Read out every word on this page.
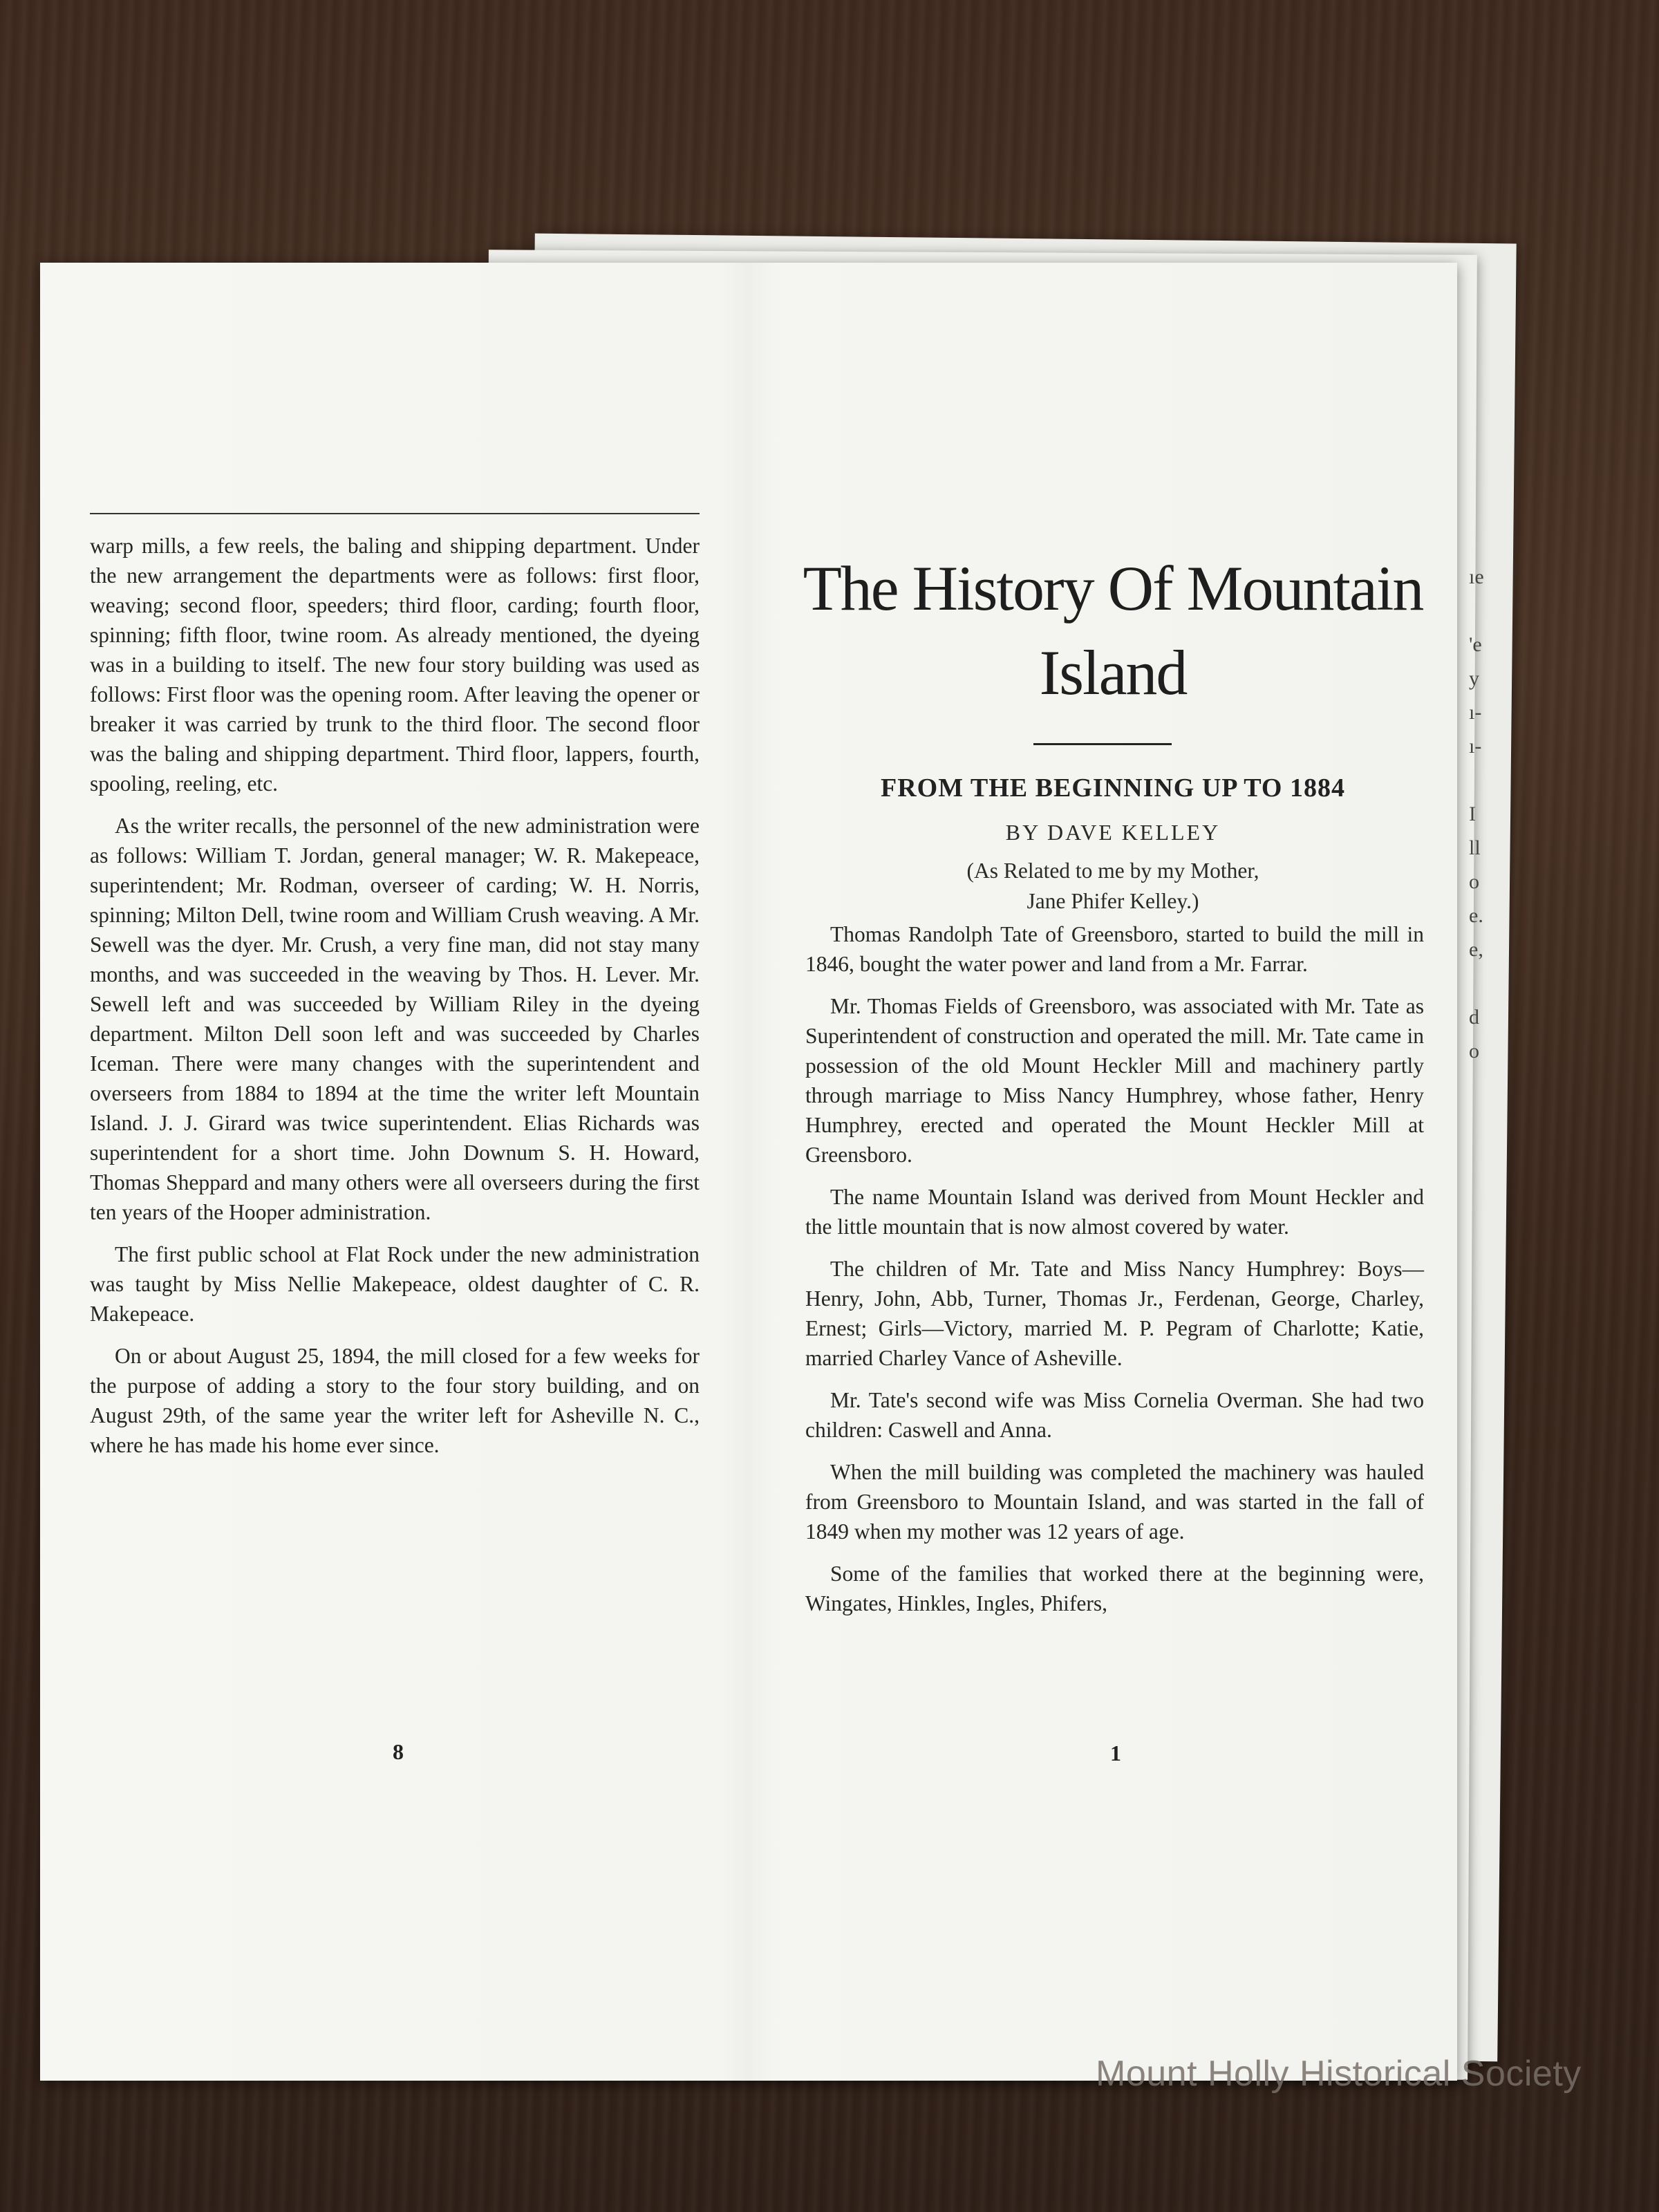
ıe
'e
y
ı-
ı-
I
ll
o
e.
e,
d
o

warp mills, a few reels, the baling and shipping department. Under the new arrangement the departments were as follows: first floor, weaving; second floor, speeders; third floor, carding; fourth floor, spinning; fifth floor, twine room. As already mentioned, the dyeing was in a building to itself. The new four story building was used as follows: First floor was the opening room. After leaving the opener or breaker it was carried by trunk to the third floor. The second floor was the baling and shipping department. Third floor, lappers, fourth, spooling, reeling, etc.

As the writer recalls, the personnel of the new administration were as follows: William T. Jordan, general manager; W. R. Makepeace, superintendent; Mr. Rodman, overseer of carding; W. H. Norris, spinning; Milton Dell, twine room and William Crush weaving. A Mr. Sewell was the dyer. Mr. Crush, a very fine man, did not stay many months, and was succeeded in the weaving by Thos. H. Lever. Mr. Sewell left and was succeeded by William Riley in the dyeing department. Milton Dell soon left and was succeeded by Charles Iceman. There were many changes with the superintendent and overseers from 1884 to 1894 at the time the writer left Mountain Island. J. J. Girard was twice superintendent. Elias Richards was superintendent for a short time. John Downum S. H. Howard, Thomas Sheppard and many others were all overseers during the first ten years of the Hooper administration.

The first public school at Flat Rock under the new administration was taught by Miss Nellie Makepeace, oldest daughter of C. R. Makepeace.

On or about August 25, 1894, the mill closed for a few weeks for the purpose of adding a story to the four story building, and on August 29th, of the same year the writer left for Asheville N. C., where he has made his home ever since.

8
The History Of Mountain
Island
FROM THE BEGINNING UP TO 1884
BY DAVE KELLEY
(As Related to me by my Mother,
Jane Phifer Kelley.)

Thomas Randolph Tate of Greensboro, started to build the mill in 1846, bought the water power and land from a Mr. Farrar.

Mr. Thomas Fields of Greensboro, was associated with Mr. Tate as Superintendent of construction and operated the mill. Mr. Tate came in possession of the old Mount Heckler Mill and machinery partly through marriage to Miss Nancy Humphrey, whose father, Henry Humphrey, erected and operated the Mount Heckler Mill at Greensboro.

The name Mountain Island was derived from Mount Heckler and the little mountain that is now almost covered by water.

The children of Mr. Tate and Miss Nancy Humphrey: Boys—Henry, John, Abb, Turner, Thomas Jr., Ferdenan, George, Charley, Ernest; Girls—Victory, married M. P. Pegram of Charlotte; Katie, married Charley Vance of Asheville.

Mr. Tate's second wife was Miss Cornelia Overman. She had two children: Caswell and Anna.

When the mill building was completed the machinery was hauled from Greensboro to Mountain Island, and was started in the fall of 1849 when my mother was 12 years of age.

Some of the families that worked there at the beginning were, Wingates, Hinkles, Ingles, Phifers,

1
Mount Holly Historical Society
